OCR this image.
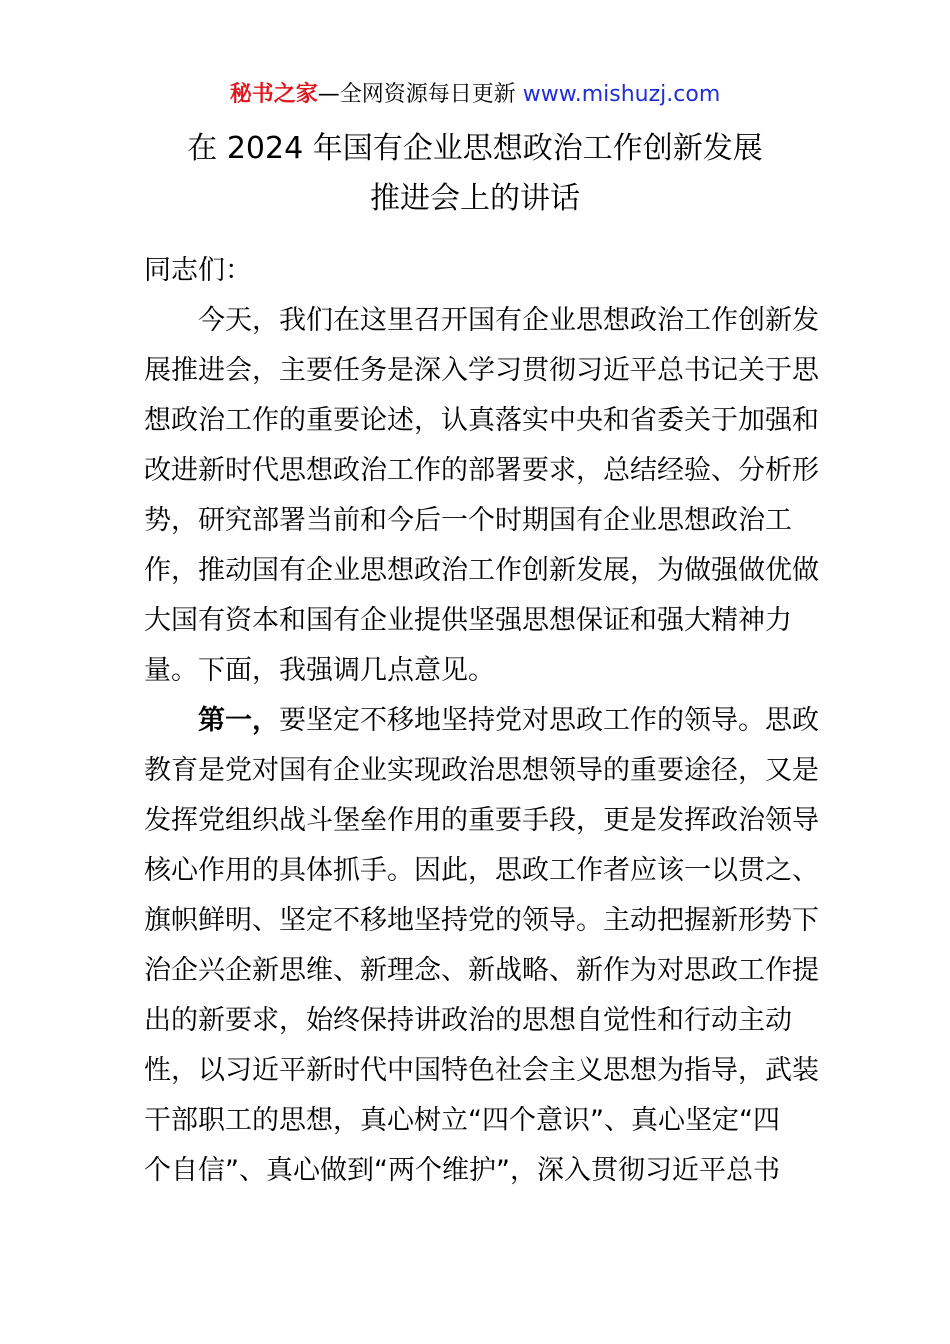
秘书之家—全网资源每日更新 www.mishuzj.com
在 2024 年国有企业思想政治工作创新发展
推进会上的讲话
同志们：
今天，我们在这里召开国有企业思想政治工作创新发
展推进会，主要任务是深入学习贯彻习近平总书记关于思
想政治工作的重要论述，认真落实中央和省委关于加强和
改进新时代思想政治工作的部署要求，总结经验、分析形
势，研究部署当前和今后一个时期国有企业思想政治工
作，推动国有企业思想政治工作创新发展，为做强做优做
大国有资本和国有企业提供坚强思想保证和强大精神力
量。下面，我强调几点意见。
第一，要坚定不移地坚持党对思政工作的领导。思政
教育是党对国有企业实现政治思想领导的重要途径，又是
发挥党组织战斗堡垒作用的重要手段，更是发挥政治领导
核心作用的具体抓手。因此，思政工作者应该一以贯之、
旗帜鲜明、坚定不移地坚持党的领导。主动把握新形势下
治企兴企新思维、新理念、新战略、新作为对思政工作提
出的新要求，始终保持讲政治的思想自觉性和行动主动
性，以习近平新时代中国特色社会主义思想为指导，武装
干部职工的思想，真心树立“四个意识”、真心坚定“四
个自信”、真心做到“两个维护”，深入贯彻习近平总书
